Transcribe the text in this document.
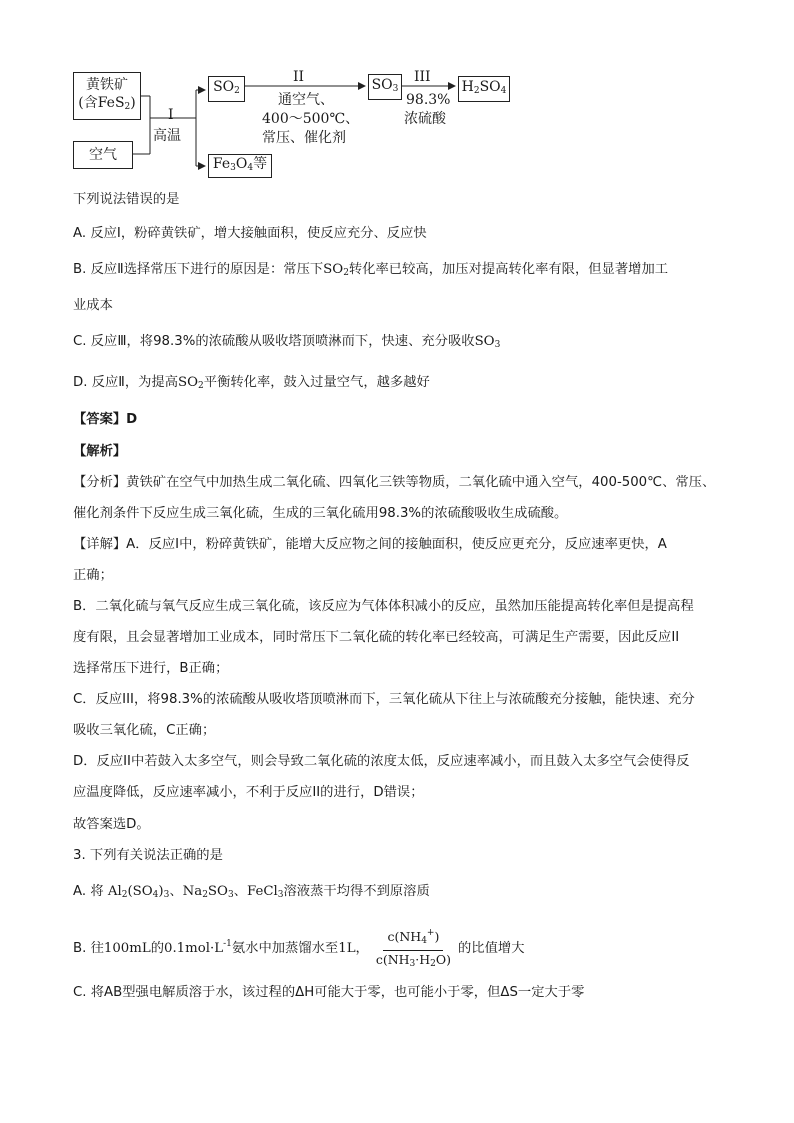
黄铁矿
(含FeS$_2$)
空气
I
高温
$SO_2$
II
通空气、
400～500℃、
常压、催化剂
$SO_3$
III
98.3%
浓硫酸
$H_2SO_4$
$Fe_3O_4$等
下列说法错误的是
A. 反应Ⅰ，粉碎黄铁矿，增大接触面积，使反应充分、反应快
B. 反应Ⅱ选择常压下进行的原因是：常压下$SO_2$转化率已较高，加压对提高转化率有限，但显著增加工
业成本
C. 反应Ⅲ，将98.3%的浓硫酸从吸收塔顶喷淋而下，快速、充分吸收$SO_3$
D. 反应Ⅱ，为提高$SO_2$平衡转化率，鼓入过量空气，越多越好
【答案】D
【解析】
【分析】黄铁矿在空气中加热生成二氧化硫、四氧化三铁等物质，二氧化硫中通入空气，400-500℃、常压、
催化剂条件下反应生成三氧化硫，生成的三氧化硫用98.3%的浓硫酸吸收生成硫酸。
【详解】A．反应I中，粉碎黄铁矿，能增大反应物之间的接触面积，使反应更充分，反应速率更快，A
正确；
B．二氧化硫与氧气反应生成三氧化硫，该反应为气体体积减小的反应，虽然加压能提高转化率但是提高程
度有限，且会显著增加工业成本，同时常压下二氧化硫的转化率已经较高，可满足生产需要，因此反应II
选择常压下进行，B正确；
C．反应III，将98.3%的浓硫酸从吸收塔顶喷淋而下，三氧化硫从下往上与浓硫酸充分接触，能快速、充分
吸收三氧化硫，C正确；
D．反应II中若鼓入太多空气，则会导致二氧化硫的浓度太低，反应速率减小，而且鼓入太多空气会使得反
应温度降低，反应速率减小，不利于反应II的进行，D错误；
故答案选D。
3. 下列有关说法正确的是
A. 将 $Al_2(SO_4)_3$、$Na_2SO_3$、FeCl$_3$溶液蒸干均得不到原溶质
B. 往100mL的$0.1mol\cdot L^{-1}$氨水中加蒸馏水至1L， $\frac{c(NH_4^+)}{c(NH_3\cdot H_2O)}$ 的比值增大
C. 将AB型强电解质溶于水，该过程的ΔH可能大于零，也可能小于零，但ΔS一定大于零
